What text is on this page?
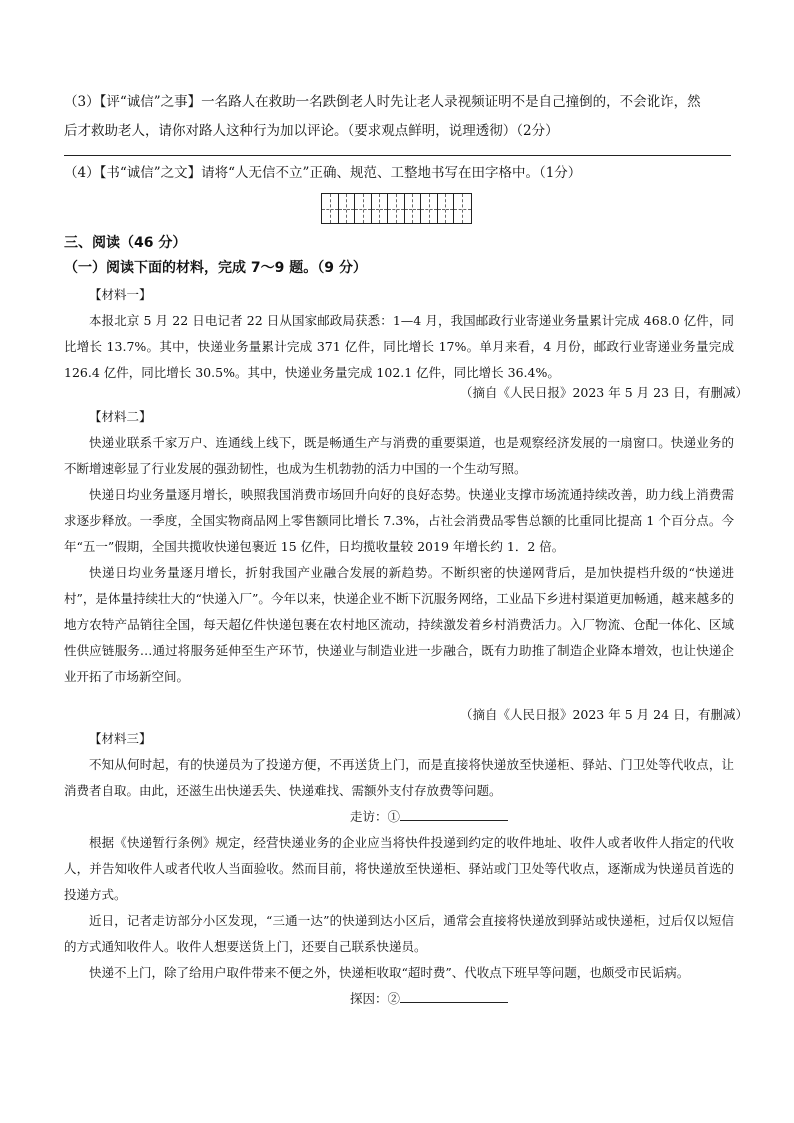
（3）【评“诚信”之事】一名路人在救助一名跌倒老人时先让老人录视频证明不是自己撞倒的，不会讹诈，然
后才救助老人，请你对路人这种行为加以评论。（要求观点鲜明，说理透彻）（2分）
（4）【书“诚信”之文】请将“人无信不立”正确、规范、工整地书写在田字格中。（1分）
三、阅读（46 分）
（一）阅读下面的材料，完成 7～9 题。（9 分）
【材料一】
本报北京 5 月 22 日电记者 22 日从国家邮政局获悉：1—4 月，我国邮政行业寄递业务量累计完成 468.0 亿件，同比增长 13.7%。其中，快递业务量累计完成 371 亿件，同比增长 17%。单月来看，4 月份，邮政行业寄递业务量完成 126.4 亿件，同比增长 30.5%。其中，快递业务量完成 102.1 亿件，同比增长 36.4%。
（摘自《人民日报》2023 年 5 月 23 日，有删减）
【材料二】
快递业联系千家万户、连通线上线下，既是畅通生产与消费的重要渠道，也是观察经济发展的一扇窗口。快递业务的不断增速彰显了行业发展的强劲韧性，也成为生机勃勃的活力中国的一个生动写照。
快递日均业务量逐月增长，映照我国消费市场回升向好的良好态势。快递业支撑市场流通持续改善，助力线上消费需求逐步释放。一季度，全国实物商品网上零售额同比增长 7.3%，占社会消费品零售总额的比重同比提高 1 个百分点。今年“五一”假期，全国共揽收快递包裹近 15 亿件，日均揽收量较 2019 年增长约 1．2 倍。
快递日均业务量逐月增长，折射我国产业融合发展的新趋势。不断织密的快递网背后，是加快提档升级的“快递进村”，是体量持续壮大的“快递入厂”。今年以来，快递企业不断下沉服务网络，工业品下乡进村渠道更加畅通，越来越多的地方农特产品销往全国，每天超亿件快递包裹在农村地区流动，持续激发着乡村消费活力。入厂物流、仓配一体化、区域性供应链服务…通过将服务延伸至生产环节，快递业与制造业进一步融合，既有力助推了制造企业降本增效，也让快递企业开拓了市场新空间。
（摘自《人民日报》2023 年 5 月 24 日，有删减）
【材料三】
不知从何时起，有的快递员为了投递方便，不再送货上门，而是直接将快递放至快递柜、驿站、门卫处等代收点，让消费者自取。由此，还滋生出快递丢失、快递难找、需额外支付存放费等问题。
走访：①
根据《快递暂行条例》规定，经营快递业务的企业应当将快件投递到约定的收件地址、收件人或者收件人指定的代收人，并告知收件人或者代收人当面验收。然而目前，将快递放至快递柜、驿站或门卫处等代收点，逐渐成为快递员首选的投递方式。
近日，记者走访部分小区发现，“三通一达”的快递到达小区后，通常会直接将快递放到驿站或快递柜，过后仅以短信的方式通知收件人。收件人想要送货上门，还要自己联系快递员。
快递不上门，除了给用户取件带来不便之外，快递柜收取“超时费”、代收点下班早等问题，也颇受市民诟病。
探因：②
